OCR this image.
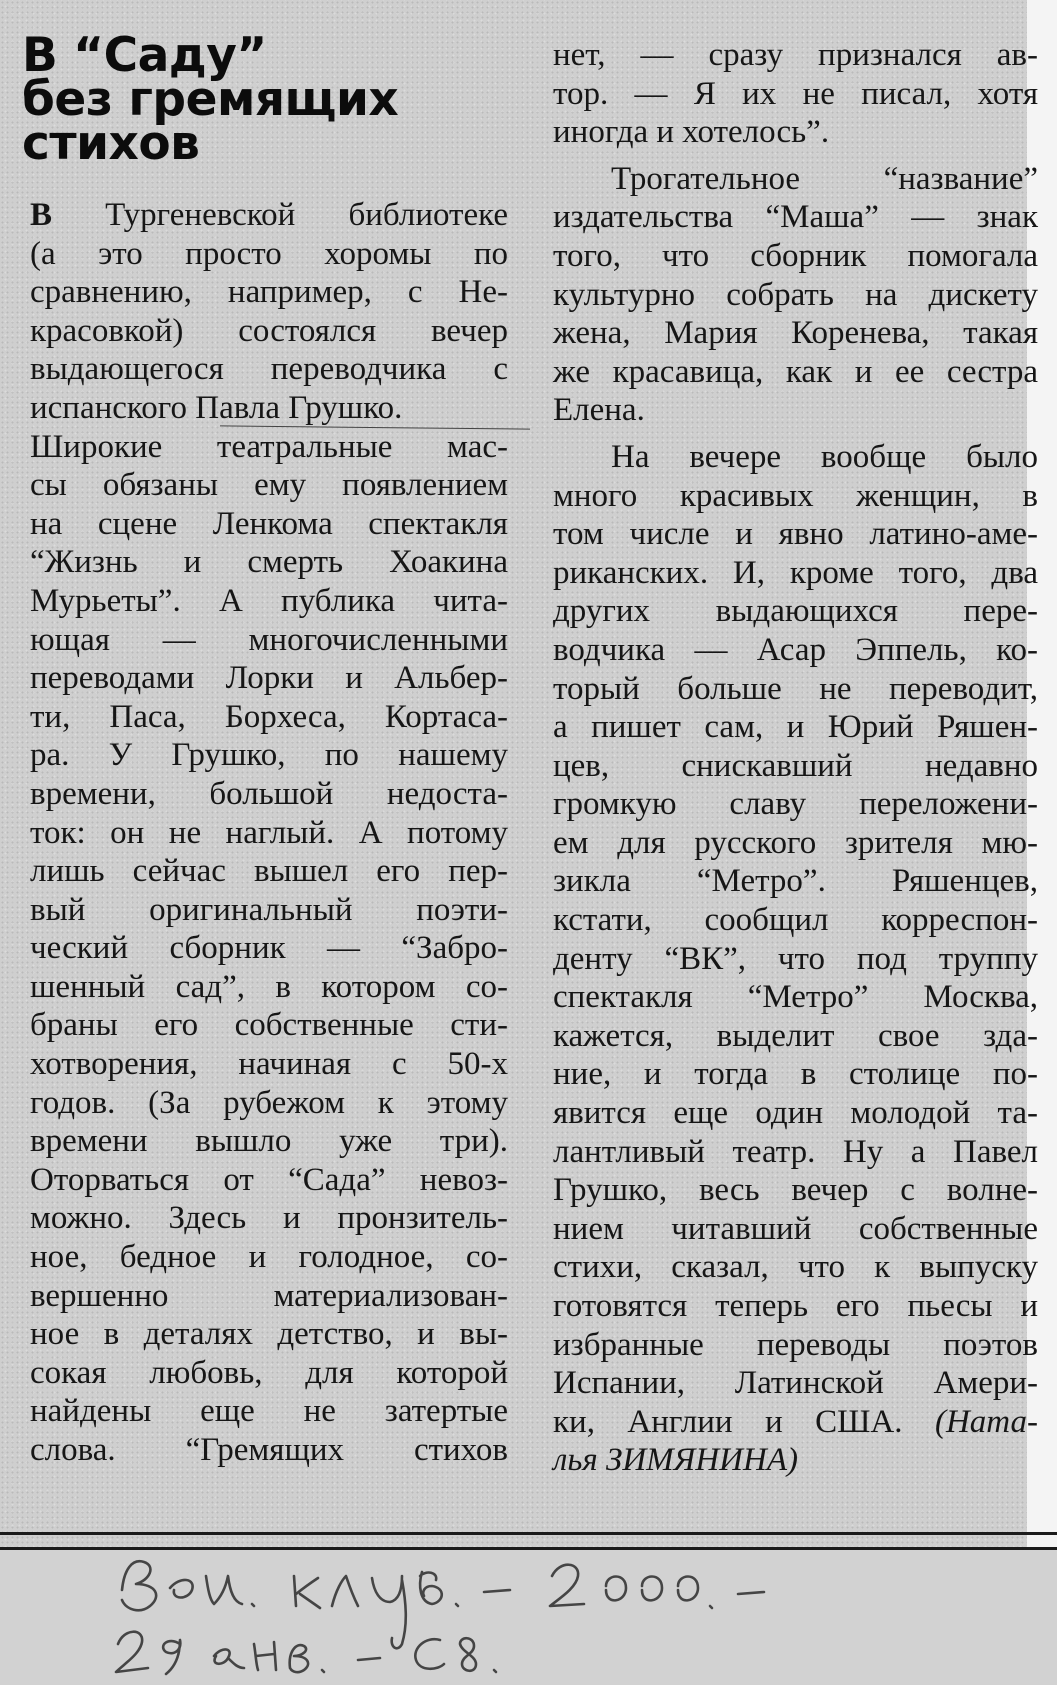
В “Саду”
без гремящих
стихов
В Тургеневской библиотеке
(а это просто хоромы по
сравнению, например, с Не-
красовкой) состоялся вечер
выдающегося переводчика с
испанского Павла Грушко.
Широкие театральные мас-
сы обязаны ему появлением
на сцене Ленкома спектакля
“Жизнь и смерть Хоакина
Мурьеты”. А публика чита-
ющая — многочисленными
переводами Лорки и Альбер-
ти, Паса, Борхеса, Кортаса-
ра. У Грушко, по нашему
времени, большой недоста-
ток: он не наглый. А потому
лишь сейчас вышел его пер-
вый оригинальный поэти-
ческий сборник — “Забро-
шенный сад”, в котором со-
браны его собственные сти-
хотворения, начиная с 50-х
годов. (За рубежом к этому
времени вышло уже три).
Оторваться от “Сада” невоз-
можно. Здесь и пронзитель-
ное, бедное и голодное, со-
вершенно материализован-
ное в деталях детство, и вы-
сокая любовь, для которой
найдены еще не затертые
слова. “Гремящих стихов
нет, — сразу признался ав-
тор. — Я их не писал, хотя
иногда и хотелось”.
Трогательное “название”
издательства “Маша” — знак
того, что сборник помогала
культурно собрать на дискету
жена, Мария Коренева, такая
же красавица, как и ее сестра
Елена.
На вечере вообще было
много красивых женщин, в
том числе и явно латино-аме-
риканских. И, кроме того, два
других выдающихся пере-
водчика — Асар Эппель, ко-
торый больше не переводит,
а пишет сам, и Юрий Ряшен-
цев, снискавший недавно
громкую славу переложени-
ем для русского зрителя мю-
зикла “Метро”. Ряшенцев,
кстати, сообщил корреспон-
денту “ВК”, что под труппу
спектакля “Метро” Москва,
кажется, выделит свое зда-
ние, и тогда в столице по-
явится еще один молодой та-
лантливый театр. Ну а Павел
Грушко, весь вечер с волне-
нием читавший собственные
стихи, сказал, что к выпуску
готовятся теперь его пьесы и
избранные переводы поэтов
Испании, Латинской Амери-
ки, Англии и США. (Ната-
лья ЗИМЯНИНА)
